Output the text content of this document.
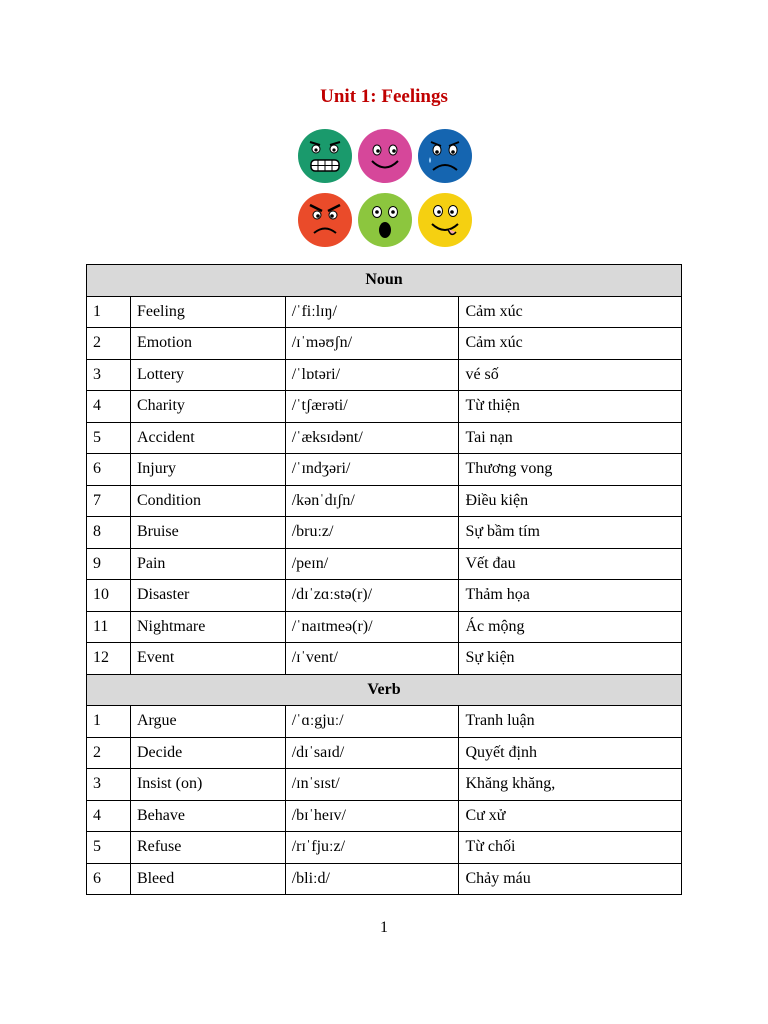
Unit 1: Feelings
Noun			
1	Feeling	/ˈfiːlɪŋ/	Cảm xúc
2	Emotion	/ɪˈməʊʃn/	Cảm xúc
3	Lottery	/ˈlɒtəri/	vé số
4	Charity	/ˈtʃærəti/	Từ thiện
5	Accident	/ˈæksɪdənt/	Tai nạn
6	Injury	/ˈɪndʒəri/	Thương vong
7	Condition	/kənˈdɪʃn/	Điều kiện
8	Bruise	/bruːz/	Sự bầm tím
9	Pain	/peɪn/	Vết đau
10	Disaster	/dɪˈzɑːstə(r)/	Thảm họa
11	Nightmare	/ˈnaɪtmeə(r)/	Ác mộng
12	Event	/ɪˈvent/	Sự kiện
Verb			
1	Argue	/ˈɑːgjuː/	Tranh luận
2	Decide	/dɪˈsaɪd/	Quyết định
3	Insist (on)	/ɪnˈsɪst/	Khăng khăng,
4	Behave	/bɪˈheɪv/	Cư xử
5	Refuse	/rɪˈfjuːz/	Từ chối
6	Bleed	/bliːd/	Chảy máu
1
